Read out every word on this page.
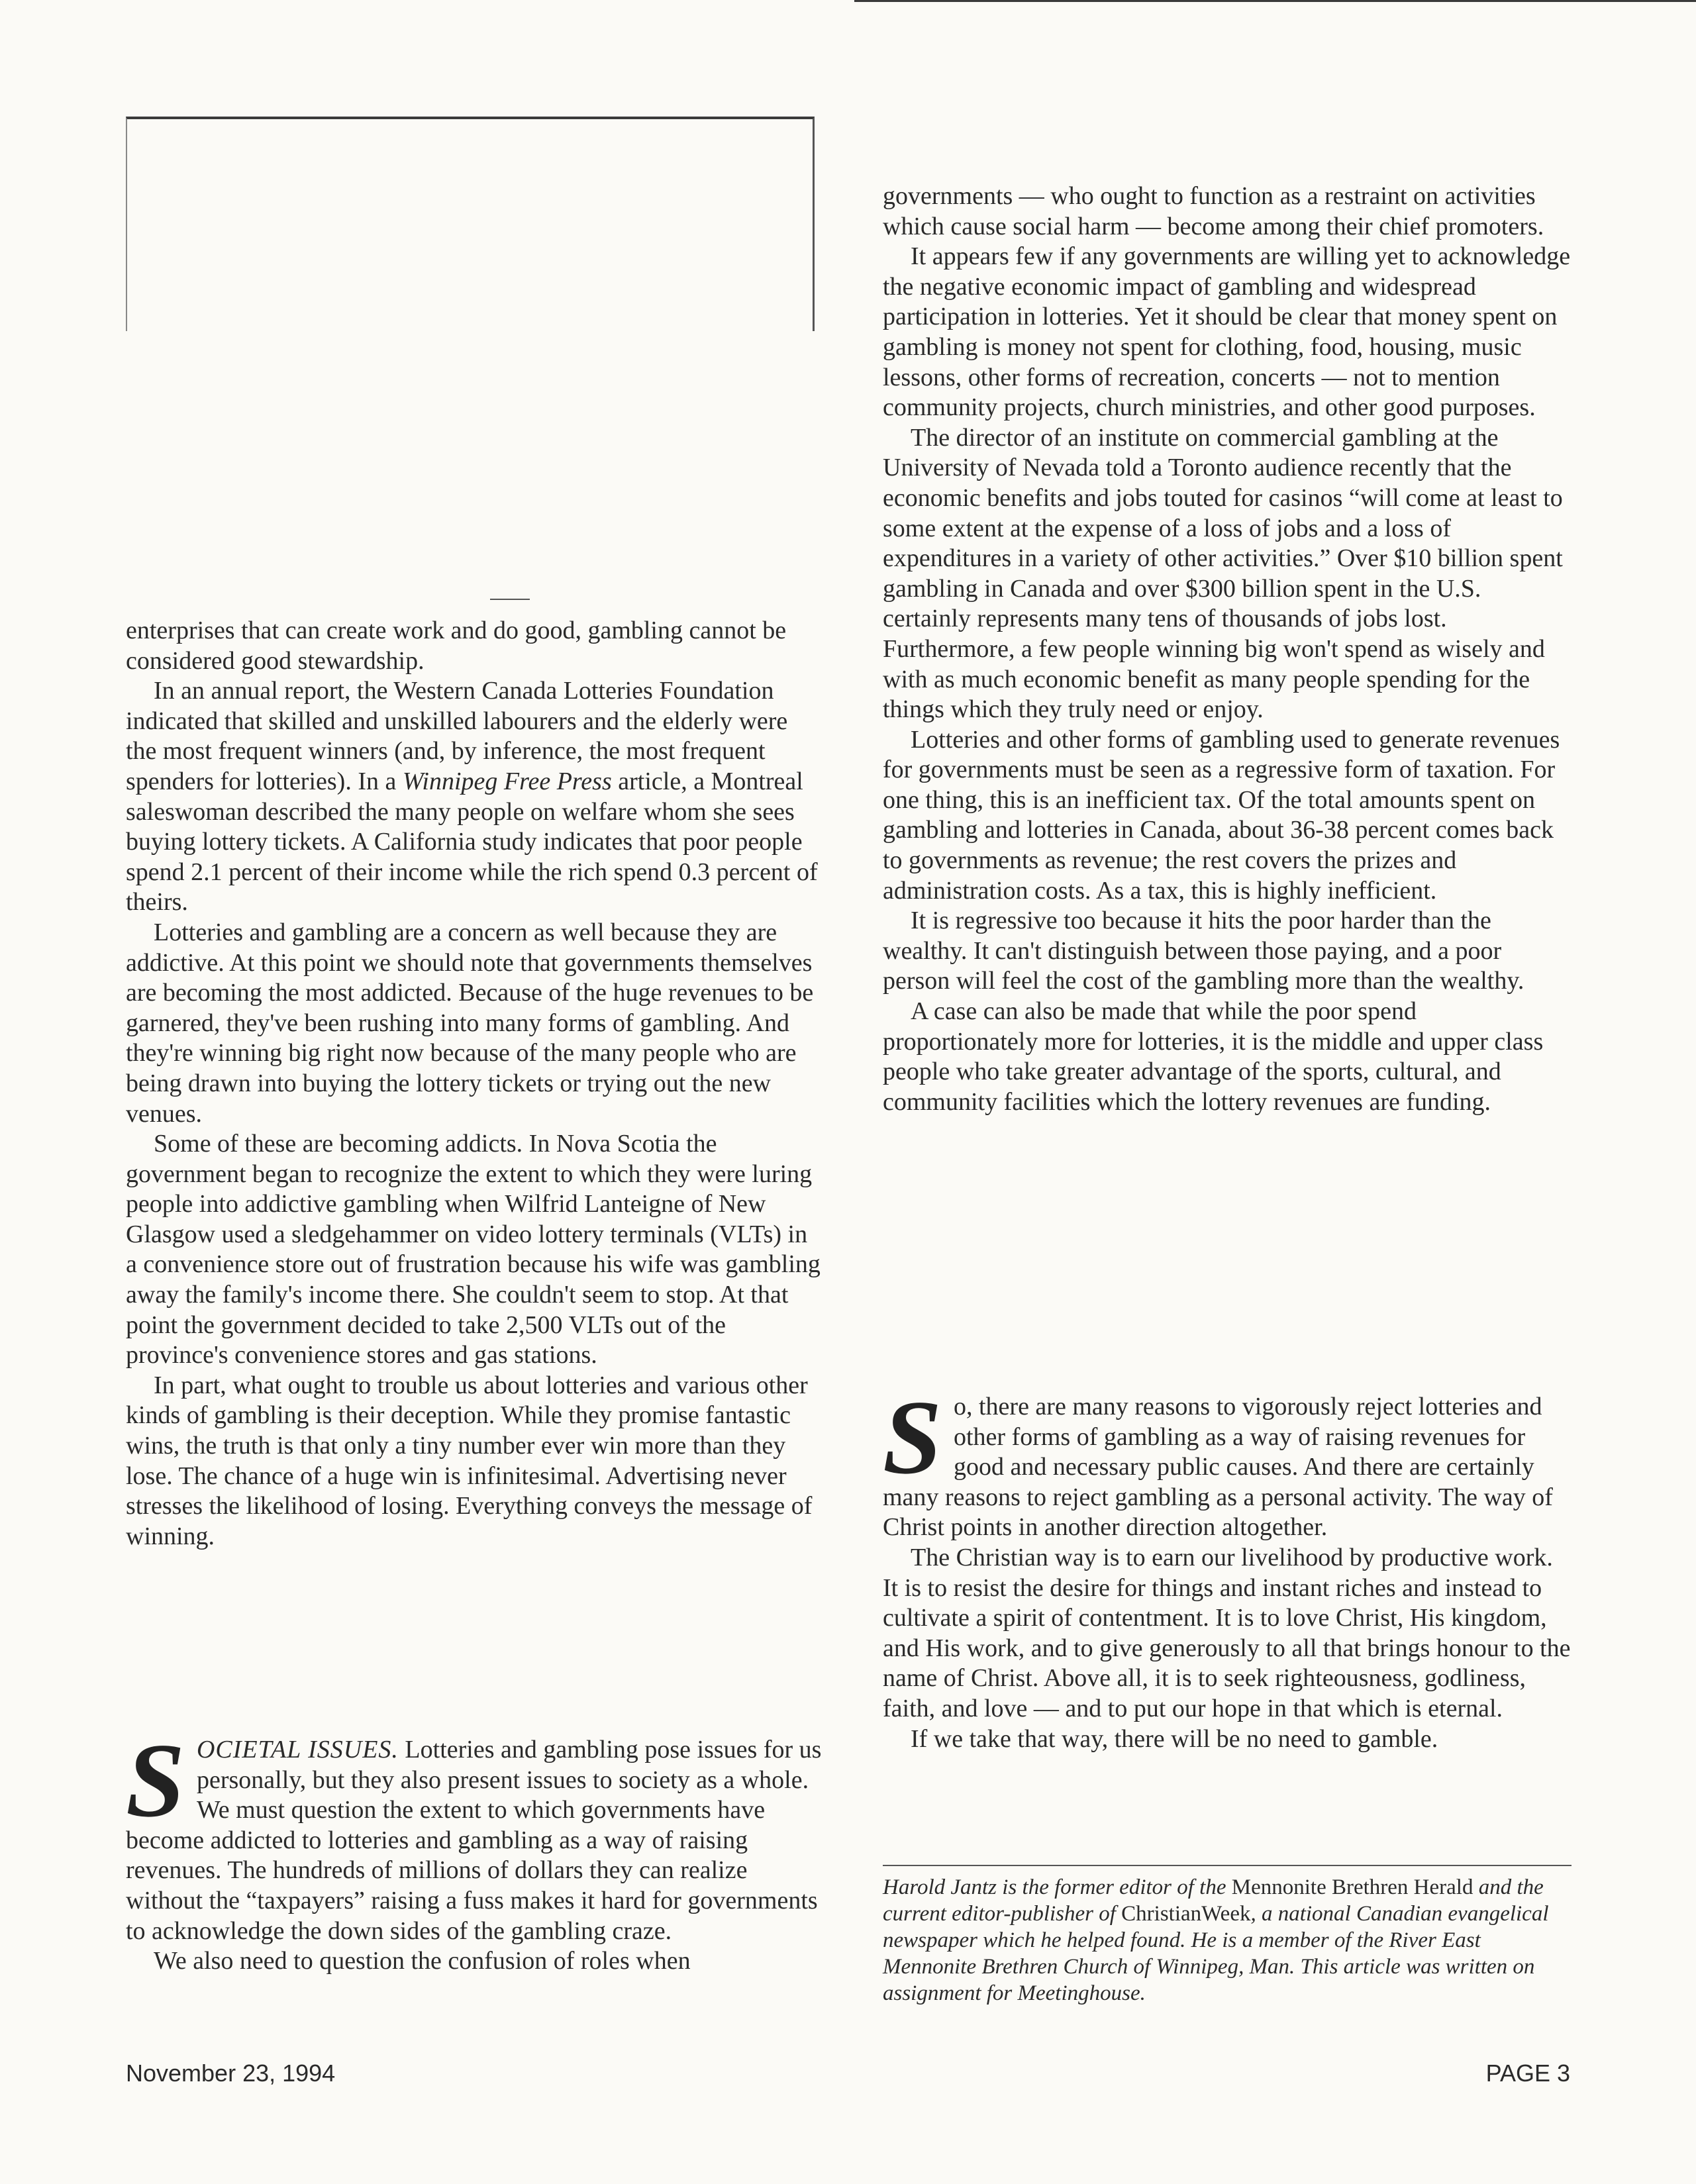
enterprises that can create work and do good, gambling cannot be considered good stewardship.

In an annual report, the Western Canada Lotteries Foundation indicated that skilled and unskilled labourers and the elderly were the most frequent winners (and, by inference, the most frequent spenders for lotteries). In a Winnipeg Free Press article, a Montreal saleswoman described the many people on welfare whom she sees buying lottery tickets. A California study indicates that poor people spend 2.1 percent of their income while the rich spend 0.3 percent of theirs.

Lotteries and gambling are a concern as well because they are addictive. At this point we should note that governments themselves are becoming the most addicted. Because of the huge revenues to be garnered, they've been rushing into many forms of gambling. And they're winning big right now because of the many people who are being drawn into buying the lottery tickets or trying out the new venues.

Some of these are becoming addicts. In Nova Scotia the government began to recognize the extent to which they were luring people into addictive gambling when Wilfrid Lanteigne of New Glasgow used a sledgehammer on video lottery terminals (VLTs) in a convenience store out of frustration because his wife was gambling away the family's income there. She couldn't seem to stop. At that point the government decided to take 2,500 VLTs out of the province's convenience stores and gas stations.

In part, what ought to trouble us about lotteries and various other kinds of gambling is their deception. While they promise fantastic wins, the truth is that only a tiny number ever win more than they lose. The chance of a huge win is infinitesimal. Advertising never stresses the likelihood of losing. Everything conveys the message of winning.

SOCIETAL ISSUES. Lotteries and gambling pose issues for us personally, but they also present issues to society as a whole. We must question the extent to which governments have become addicted to lotteries and gambling as a way of raising revenues. The hundreds of millions of dollars they can realize without the “taxpayers” raising a fuss makes it hard for governments to acknowledge the down sides of the gambling craze.

We also need to question the confusion of roles when

governments — who ought to function as a restraint on activities which cause social harm — become among their chief promoters.

It appears few if any governments are willing yet to acknowledge the negative economic impact of gambling and widespread participation in lotteries. Yet it should be clear that money spent on gambling is money not spent for clothing, food, housing, music lessons, other forms of recreation, concerts — not to mention community projects, church ministries, and other good purposes.

The director of an institute on commercial gambling at the University of Nevada told a Toronto audience recently that the economic benefits and jobs touted for casinos “will come at least to some extent at the expense of a loss of jobs and a loss of expenditures in a variety of other activities.” Over $10 billion spent gambling in Canada and over $300 billion spent in the U.S. certainly represents many tens of thousands of jobs lost. Furthermore, a few people winning big won't spend as wisely and with as much economic benefit as many people spending for the things which they truly need or enjoy.

Lotteries and other forms of gambling used to generate revenues for governments must be seen as a regressive form of taxation. For one thing, this is an inefficient tax. Of the total amounts spent on gambling and lotteries in Canada, about 36-38 percent comes back to governments as revenue; the rest covers the prizes and administration costs. As a tax, this is highly inefficient.

It is regressive too because it hits the poor harder than the wealthy. It can't distinguish between those paying, and a poor person will feel the cost of the gambling more than the wealthy.

A case can also be made that while the poor spend proportionately more for lotteries, it is the middle and upper class people who take greater advantage of the sports, cultural, and community facilities which the lottery revenues are funding.

So, there are many reasons to vigorously reject lotteries and other forms of gambling as a way of raising revenues for good and necessary public causes. And there are certainly many reasons to reject gambling as a personal activity. The way of Christ points in another direction altogether.

The Christian way is to earn our livelihood by productive work. It is to resist the desire for things and instant riches and instead to cultivate a spirit of contentment. It is to love Christ, His kingdom, and His work, and to give generously to all that brings honour to the name of Christ. Above all, it is to seek righteousness, godliness, faith, and love — and to put our hope in that which is eternal.

If we take that way, there will be no need to gamble.

Harold Jantz is the former editor of the Mennonite Brethren Herald and the current editor-publisher of ChristianWeek, a national Canadian evangelical newspaper which he helped found. He is a member of the River East Mennonite Brethren Church of Winnipeg, Man. This article was written on assignment for Meetinghouse.
November 23, 1994	PAGE 3
